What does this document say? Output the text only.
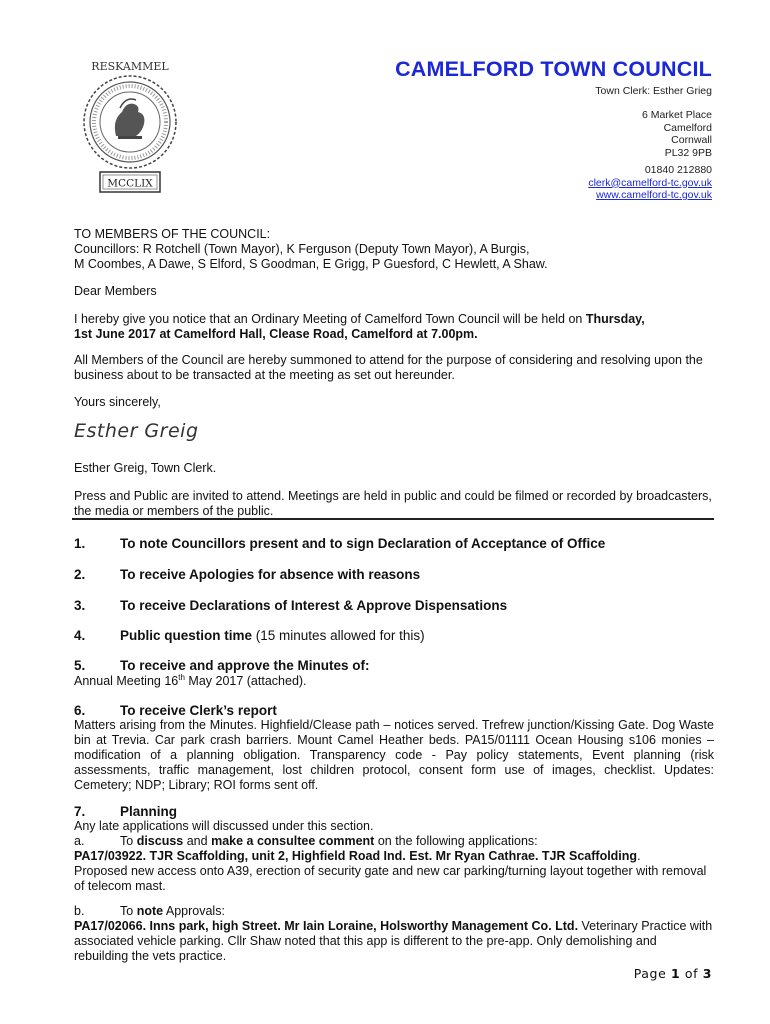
RESKAMMEL
MCCLIX
CAMELFORD TOWN COUNCIL
Town Clerk: Esther Grieg
6 Market Place
Camelford
Cornwall
PL32 9PB
01840 212880
clerk@camelford-tc.gov.uk
www.camelford-tc.gov.uk
TO MEMBERS OF THE COUNCIL:
Councillors: R Rotchell (Town Mayor), K Ferguson (Deputy Town Mayor), A Burgis,
M Coombes, A Dawe, S Elford, S Goodman, E Grigg, P Guesford, C Hewlett, A Shaw.
Dear Members
I hereby give you notice that an Ordinary Meeting of Camelford Town Council will be held on Thursday,
1st June 2017 at Camelford Hall, Clease Road, Camelford at 7.00pm.
All Members of the Council are hereby summoned to attend for the purpose of considering and resolving upon the business about to be transacted at the meeting as set out hereunder.
Yours sincerely,
Esther Greig
Esther Greig, Town Clerk.
Press and Public are invited to attend. Meetings are held in public and could be filmed or recorded by broadcasters, the media or members of the public.
1.	To note Councillors present and to sign Declaration of Acceptance of Office
2.	To receive Apologies for absence with reasons
3.	To receive Declarations of Interest & Approve Dispensations
4.	Public question time (15 minutes allowed for this)
5.	To receive and approve the Minutes of:
Annual Meeting 16th May 2017 (attached).
6.	To receive Clerk’s report
Matters arising from the Minutes. Highfield/Clease path – notices served. Trefrew junction/Kissing Gate. Dog Waste bin at Trevia. Car park crash barriers. Mount Camel Heather beds. PA15/01111 Ocean Housing s106 monies – modification of a planning obligation. Transparency code - Pay policy statements, Event planning (risk assessments, traffic management, lost children protocol, consent form use of images, checklist. Updates: Cemetery; NDP; Library; ROI forms sent off.
7.	Planning
Any late applications will discussed under this section.
a.	To discuss and make a consultee comment on the following applications:
PA17/03922. TJR Scaffolding, unit 2, Highfield Road Ind. Est. Mr Ryan Cathrae. TJR Scaffolding.
Proposed new access onto A39, erection of security gate and new car parking/turning layout together with removal of telecom mast.
b.	To note Approvals:
PA17/02066. Inns park, high Street. Mr Iain Loraine, Holsworthy Management Co. Ltd. Veterinary Practice with associated vehicle parking. Cllr Shaw noted that this app is different to the pre-app. Only demolishing and rebuilding the vets practice.
Page 1 of 3
